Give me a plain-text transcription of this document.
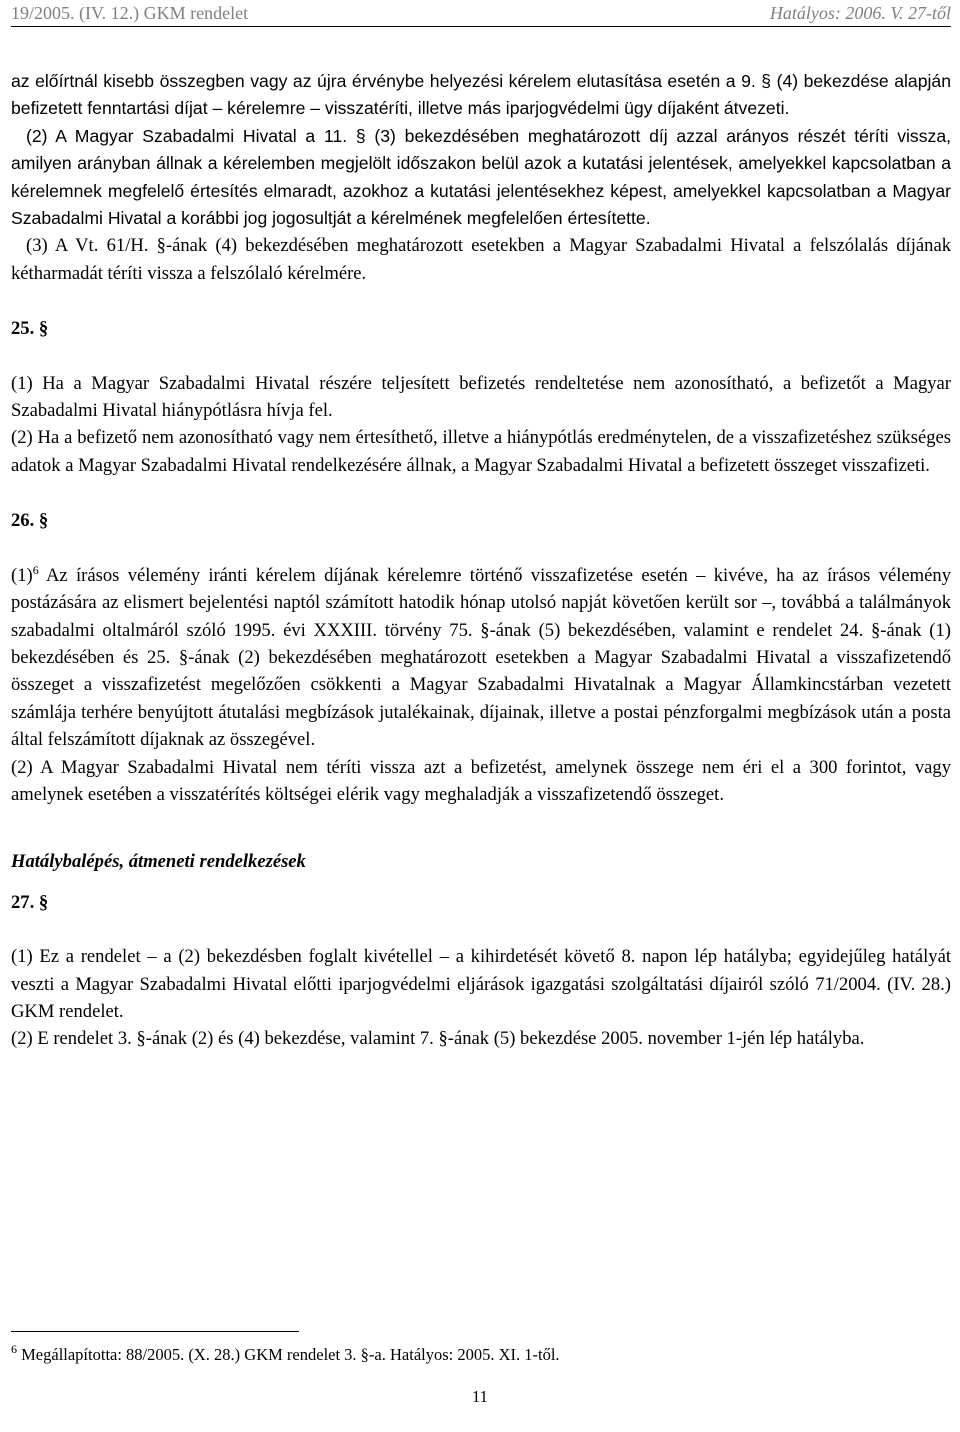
19/2005. (IV. 12.) GKM rendelet	Hatályos: 2006. V. 27-től

az előírtnál kisebb összegben vagy az újra érvénybe helyezési kérelem elutasítása esetén a 9. § (4) bekezdése alapján befizetett fenntartási díjat – kérelemre – visszatéríti, illetve más iparjogvédelmi ügy díjaként átvezeti.

(2) A Magyar Szabadalmi Hivatal a 11. § (3) bekezdésében meghatározott díj azzal arányos részét téríti vissza, amilyen arányban állnak a kérelemben megjelölt időszakon belül azok a kutatási jelentések, amelyekkel kapcsolatban a kérelemnek megfelelő értesítés elmaradt, azokhoz a kutatási jelentésekhez képest, amelyekkel kapcsolatban a Magyar Szabadalmi Hivatal a korábbi jog jogosultját a kérelmének megfelelően értesítette.

(3) A Vt. 61/H. §-ának (4) bekezdésében meghatározott esetekben a Magyar Szabadalmi Hivatal a felszólalás díjának kétharmadát téríti vissza a felszólaló kérelmére.

25. §

(1) Ha a Magyar Szabadalmi Hivatal részére teljesített befizetés rendeltetése nem azonosítható, a befizetőt a Magyar Szabadalmi Hivatal hiánypótlásra hívja fel.

(2) Ha a befizető nem azonosítható vagy nem értesíthető, illetve a hiánypótlás eredménytelen, de a visszafizetéshez szükséges adatok a Magyar Szabadalmi Hivatal rendelkezésére állnak, a Magyar Szabadalmi Hivatal a befizetett összeget visszafizeti.

26. §

$(1)^6$ Az írásos vélemény iránti kérelem díjának kérelemre történő visszafizetése esetén – kivéve, ha az írásos vélemény postázására az elismert bejelentési naptól számított hatodik hónap utolsó napját követően került sor –, továbbá a találmányok szabadalmi oltalmáról szóló 1995. évi XXXIII. törvény 75. §-ának (5) bekezdésében, valamint e rendelet 24. §-ának (1) bekezdésében és 25. §-ának (2) bekezdésében meghatározott esetekben a Magyar Szabadalmi Hivatal a visszafizetendő összeget a visszafizetést megelőzően csökkenti a Magyar Szabadalmi Hivatalnak a Magyar Államkincstárban vezetett számlája terhére benyújtott átutalási megbízások jutalékainak, díjainak, illetve a postai pénzforgalmi megbízások után a posta által felszámított díjaknak az összegével.

(2) A Magyar Szabadalmi Hivatal nem téríti vissza azt a befizetést, amelynek összege nem éri el a 300 forintot, vagy amelynek esetében a visszatérítés költségei elérik vagy meghaladják a visszafizetendő összeget.

Hatálybalépés, átmeneti rendelkezések

27. §

(1) Ez a rendelet – a (2) bekezdésben foglalt kivétellel – a kihirdetését követő 8. napon lép hatályba; egyidejűleg hatályát veszti a Magyar Szabadalmi Hivatal előtti iparjogvédelmi eljárások igazgatási szolgáltatási díjairól szóló 71/2004. (IV. 28.) GKM rendelet.

(2) E rendelet 3. §-ának (2) és (4) bekezdése, valamint 7. §-ának (5) bekezdése 2005. november 1-jén lép hatályba.

$^6$ Megállapította: 88/2005. (X. 28.) GKM rendelet 3. §-a. Hatályos: 2005. XI. 1-től.
11
